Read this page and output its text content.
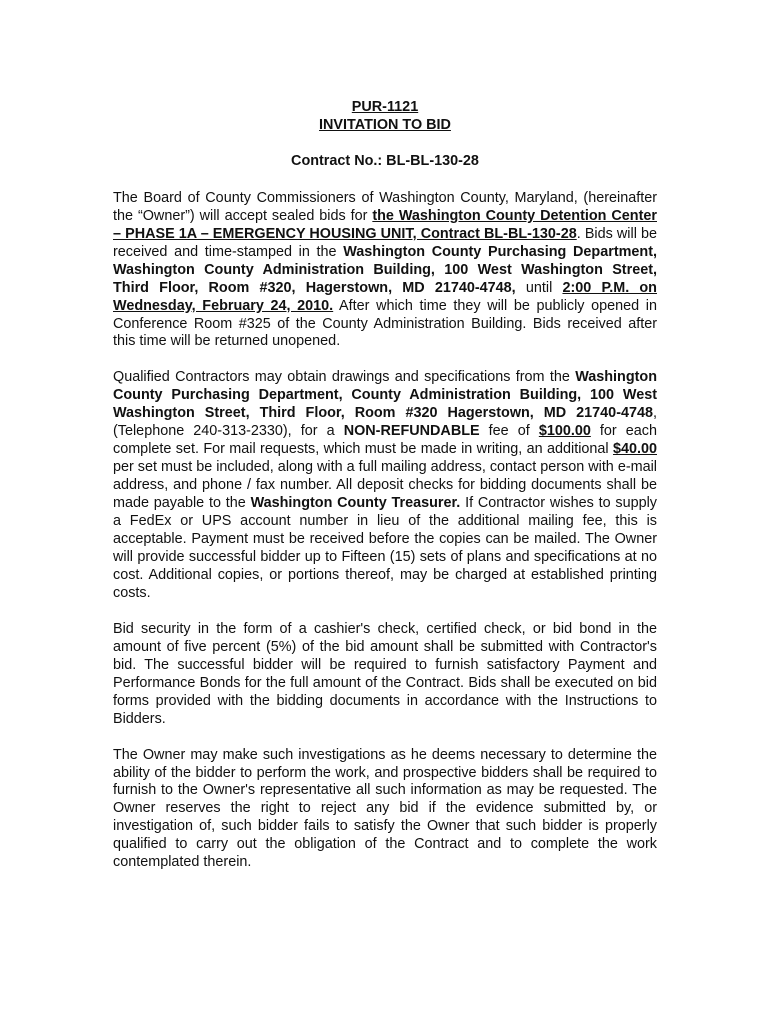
PUR-1121
INVITATION TO BID
Contract No.: BL-BL-130-28

The Board of County Commissioners of Washington County, Maryland, (hereinafter the “Owner”) will accept sealed bids for the Washington County Detention Center – PHASE 1A – EMERGENCY HOUSING UNIT, Contract BL-BL-130-28. Bids will be received and time-stamped in the Washington County Purchasing Department, Washington County Administration Building, 100 West Washington Street, Third Floor, Room #320, Hagerstown, MD 21740-4748, until 2:00 P.M. on Wednesday, February 24, 2010. After which time they will be publicly opened in Conference Room #325 of the County Administration Building. Bids received after this time will be returned unopened.

Qualified Contractors may obtain drawings and specifications from the Washington County Purchasing Department, County Administration Building, 100 West Washington Street, Third Floor, Room #320 Hagerstown, MD 21740-4748, (Telephone 240-313-2330), for a NON-REFUNDABLE fee of $100.00 for each complete set. For mail requests, which must be made in writing, an additional $40.00 per set must be included, along with a full mailing address, contact person with e-mail address, and phone / fax number. All deposit checks for bidding documents shall be made payable to the Washington County Treasurer. If Contractor wishes to supply a FedEx or UPS account number in lieu of the additional mailing fee, this is acceptable. Payment must be received before the copies can be mailed. The Owner will provide successful bidder up to Fifteen (15) sets of plans and specifications at no cost. Additional copies, or portions thereof, may be charged at established printing costs.

Bid security in the form of a cashier's check, certified check, or bid bond in the amount of five percent (5%) of the bid amount shall be submitted with Contractor's bid. The successful bidder will be required to furnish satisfactory Payment and Performance Bonds for the full amount of the Contract. Bids shall be executed on bid forms provided with the bidding documents in accordance with the Instructions to Bidders.

The Owner may make such investigations as he deems necessary to determine the ability of the bidder to perform the work, and prospective bidders shall be required to furnish to the Owner's representative all such information as may be requested. The Owner reserves the right to reject any bid if the evidence submitted by, or investigation of, such bidder fails to satisfy the Owner that such bidder is properly qualified to carry out the obligation of the Contract and to complete the work contemplated therein.
